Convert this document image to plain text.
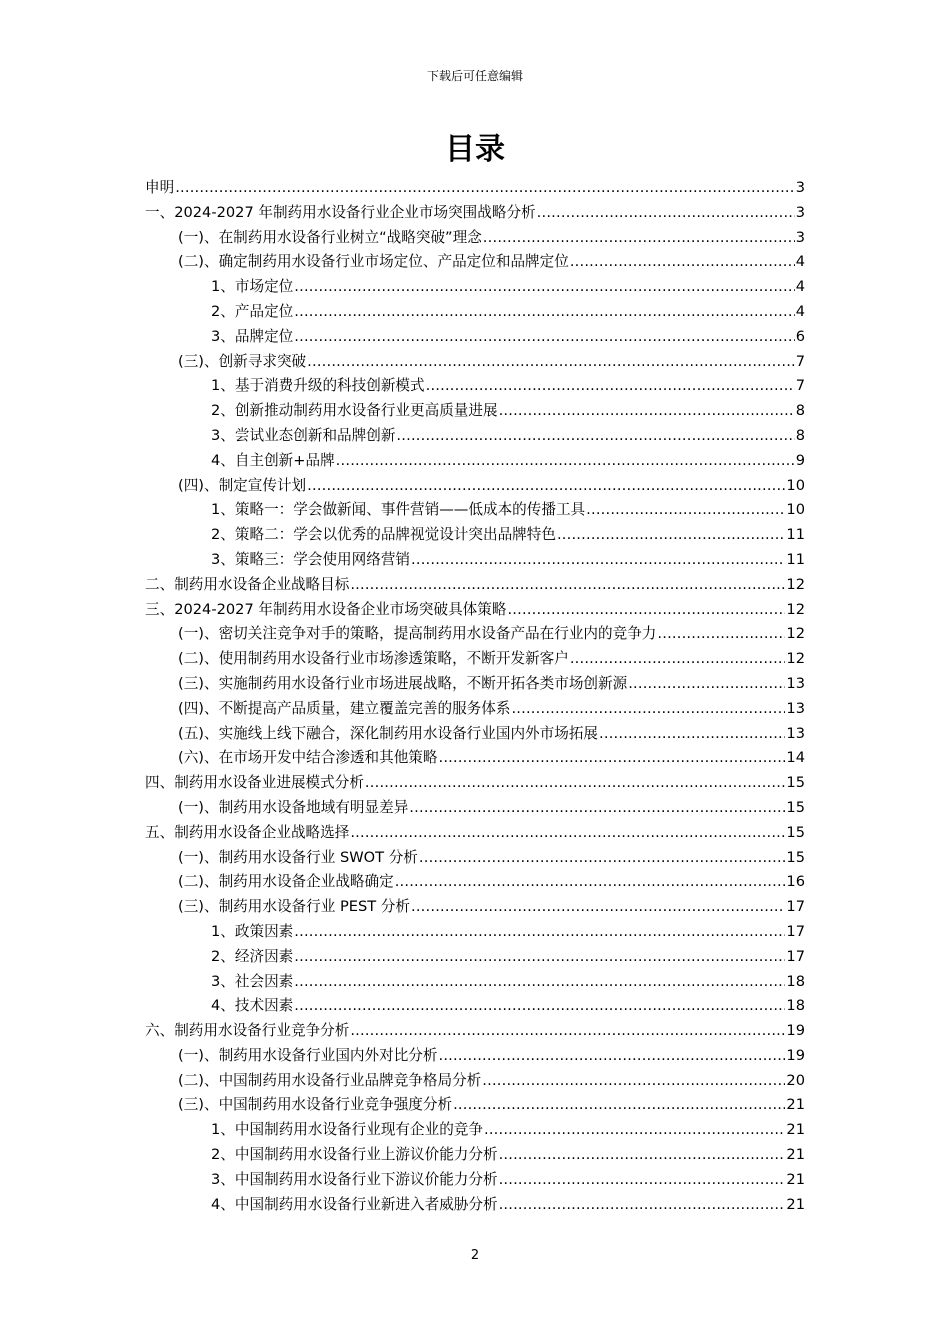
下载后可任意编辑
目录
申明 .....	3
一、2024-2027 年制药用水设备行业企业市场突围战略分析 .....	3
(一)、在制药用水设备行业树立“战略突破”理念 .....	3
(二)、确定制药用水设备行业市场定位、产品定位和品牌定位 .....	4
1、市场定位 .....	4
2、产品定位 .....	4
3、品牌定位 .....	6
(三)、创新寻求突破 .....	7
1、基于消费升级的科技创新模式 .....	7
2、创新推动制药用水设备行业更高质量进展 .....	8
3、尝试业态创新和品牌创新 .....	8
4、自主创新+品牌 .....	9
(四)、制定宣传计划 .....	10
1、策略一：学会做新闻、事件营销——低成本的传播工具 .....	10
2、策略二：学会以优秀的品牌视觉设计突出品牌特色 .....	11
3、策略三：学会使用网络营销 .....	11
二、制药用水设备企业战略目标 .....	12
三、2024-2027 年制药用水设备企业市场突破具体策略 .....	12
(一)、密切关注竞争对手的策略，提高制药用水设备产品在行业内的竞争力 .....	12
(二)、使用制药用水设备行业市场渗透策略，不断开发新客户 .....	12
(三)、实施制药用水设备行业市场进展战略，不断开拓各类市场创新源 .....	13
(四)、不断提高产品质量，建立覆盖完善的服务体系 .....	13
(五)、实施线上线下融合，深化制药用水设备行业国内外市场拓展 .....	13
(六)、在市场开发中结合渗透和其他策略 .....	14
四、制药用水设备业进展模式分析 .....	15
(一)、制药用水设备地域有明显差异 .....	15
五、制药用水设备企业战略选择 .....	15
(一)、制药用水设备行业 SWOT 分析 .....	15
(二)、制药用水设备企业战略确定 .....	16
(三)、制药用水设备行业 PEST 分析 .....	17
1、政策因素 .....	17
2、经济因素 .....	17
3、社会因素 .....	18
4、技术因素 .....	18
六、制药用水设备行业竞争分析 .....	19
(一)、制药用水设备行业国内外对比分析 .....	19
(二)、中国制药用水设备行业品牌竞争格局分析 .....	20
(三)、中国制药用水设备行业竞争强度分析 .....	21
1、中国制药用水设备行业现有企业的竞争 .....	21
2、中国制药用水设备行业上游议价能力分析 .....	21
3、中国制药用水设备行业下游议价能力分析 .....	21
4、中国制药用水设备行业新进入者威胁分析 .....	21
2
